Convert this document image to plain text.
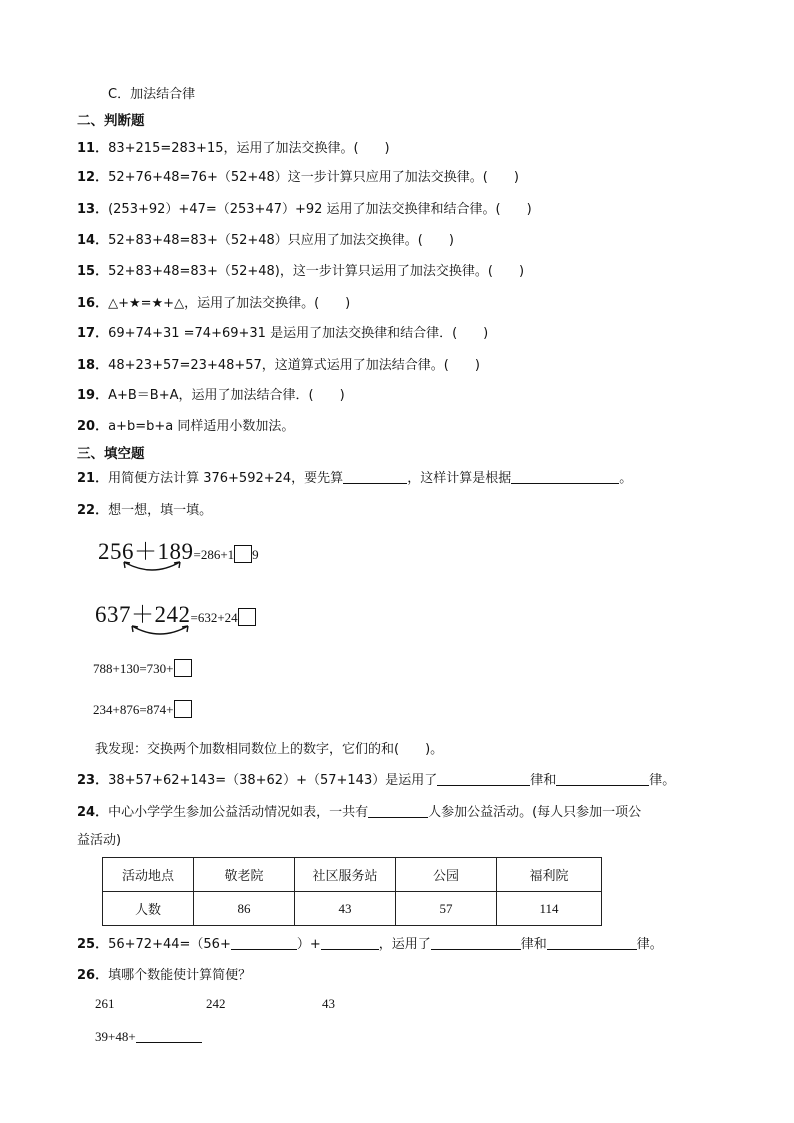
C．加法结合律
二、判断题
11．83+215=283+15，运用了加法交换律。(　　)
12．52+76+48=76+（52+48）这一步计算只应用了加法交换律。(　　)
13．(253+92）+47=（253+47）+92 运用了加法交换律和结合律。(　　)
14．52+83+48=83+（52+48）只应用了加法交换律。(　　)
15．52+83+48=83+（52+48)，这一步计算只运用了加法交换律。(　　)
16．△+★=★+△，运用了加法交换律。(　　)
17．69+74+31 =74+69+31 是运用了加法交换律和结合律．(　　)
18．48+23+57=23+48+57，这道算式运用了加法结合律。(　　)
19．A+B＝B+A，运用了加法结合律．(　　)
20．a+b=b+a 同样适用小数加法。
三、填空题
21．用简便方法计算 376+592+24，要先算	，这样计算是根据	。
22．想一想，填一填。
256＋189=286+1 9
637＋242=632+24
788+130=730+
234+876=874+
我发现：交换两个加数相同数位上的数字，它们的和(　　)。
23．38+57+62+143=（38+62）+（57+143）是运用了	律和	律。
24．中心小学学生参加公益活动情况如表，一共有	人参加公益活动。(每人只参加一项公
益活动)
活动地点	敬老院	社区服务站	公园	福利院
人数	86	43	57	114
25．56+72+44=（56+	）+	，运用了	律和	律。
26．填哪个数能使计算简便？
261	242	43
39+48+
